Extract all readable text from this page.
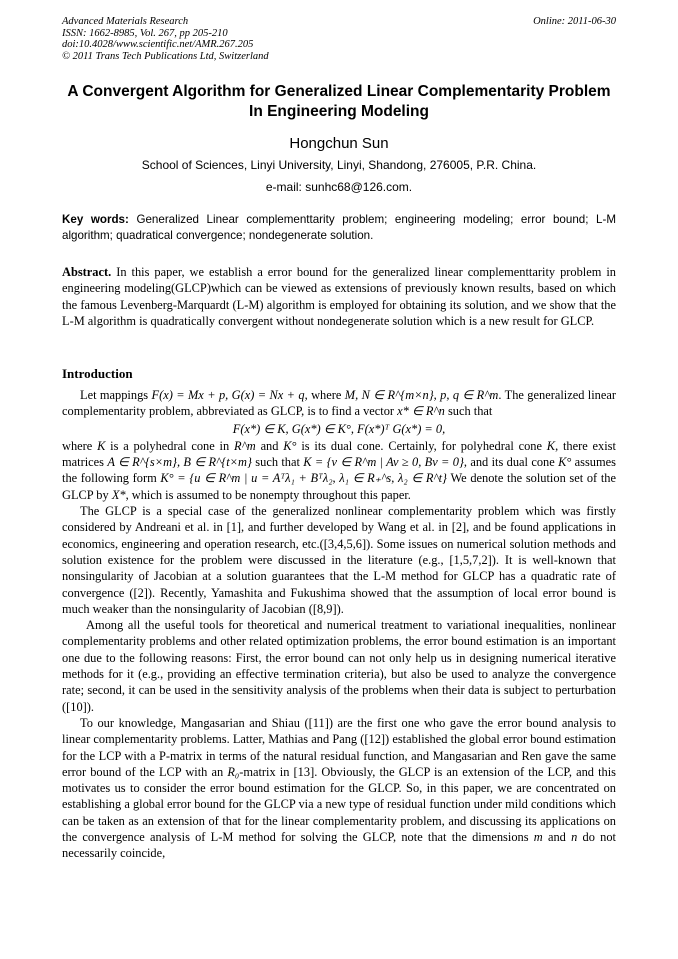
Advanced Materials Research
ISSN: 1662-8985, Vol. 267, pp 205-210
doi:10.4028/www.scientific.net/AMR.267.205
© 2011 Trans Tech Publications Ltd, Switzerland
Online: 2011-06-30
A Convergent Algorithm for Generalized Linear Complementarity Problem In Engineering Modeling
Hongchun Sun
School of Sciences, Linyi University, Linyi, Shandong, 276005, P.R. China.
e-mail: sunhc68@126.com.
Key words: Generalized Linear complementtarity problem; engineering modeling; error bound; L-M algorithm; quadratical convergence; nondegenerate solution.
Abstract. In this paper, we establish a error bound for the generalized linear complementtarity problem in engineering modeling(GLCP)which can be viewed as extensions of previously known results, based on which the famous Levenberg-Marquardt (L-M) algorithm is employed for obtaining its solution, and we show that the L-M algorithm is quadratically convergent without nondegenerate solution which is a new result for GLCP.
Introduction

Let mappings F(x) = Mx + p, G(x) = Nx + q, where M, N ∈ R^{m×n}, p, q ∈ R^m. The generalized linear complementarity problem, abbreviated as GLCP, is to find a vector x* ∈ R^n such that

F(x*) ∈ K, G(x*) ∈ K°, F(x*)ᵀ G(x*) = 0,

where K is a polyhedral cone in R^m and K° is its dual cone. Certainly, for polyhedral cone K, there exist matrices A ∈ R^{s×m}, B ∈ R^{t×m} such that K = {v ∈ R^m | Av ≥ 0, Bv = 0}, and its dual cone K° assumes the following form K° = {u ∈ R^m | u = Aᵀλ₁ + Bᵀλ₂, λ₁ ∈ R₊^s, λ₂ ∈ R^t} We denote the solution set of the GLCP by X*, which is assumed to be nonempty throughout this paper.

The GLCP is a special case of the generalized nonlinear complementarity problem which was firstly considered by Andreani et al. in [1], and further developed by Wang et al. in [2], and be found applications in economics, engineering and operation research, etc.([3,4,5,6]). Some issues on numerical solution methods and solution existence for the problem were discussed in the literature (e.g., [1,5,7,2]). It is well-known that nonsingularity of Jacobian at a solution guarantees that the L-M method for GLCP has a quadratic rate of convergence ([2]). Recently, Yamashita and Fukushima showed that the assumption of local error bound is much weaker than the nonsingularity of Jacobian ([8,9]).

Among all the useful tools for theoretical and numerical treatment to variational inequalities, nonlinear complementarity problems and other related optimization problems, the error bound estimation is an important one due to the following reasons: First, the error bound can not only help us in designing numerical iterative methods for it (e.g., providing an effective termination criteria), but also be used to analyze the convergence rate; second, it can be used in the sensitivity analysis of the problems when their data is subject to perturbation ([10]).

To our knowledge, Mangasarian and Shiau ([11]) are the first one who gave the error bound analysis to linear complementarity problems. Latter, Mathias and Pang ([12]) established the global error bound estimation for the LCP with a P-matrix in terms of the natural residual function, and Mangasarian and Ren gave the same error bound of the LCP with an R₀-matrix in [13]. Obviously, the GLCP is an extension of the LCP, and this motivates us to consider the error bound estimation for the GLCP. So, in this paper, we are concentrated on establishing a global error bound for the GLCP via a new type of residual function under mild conditions which can be taken as an extension of that for the linear complementarity problem, and discussing its applications on the convergence analysis of L-M method for solving the GLCP, note that the dimensions m and n do not necessarily coincide,
